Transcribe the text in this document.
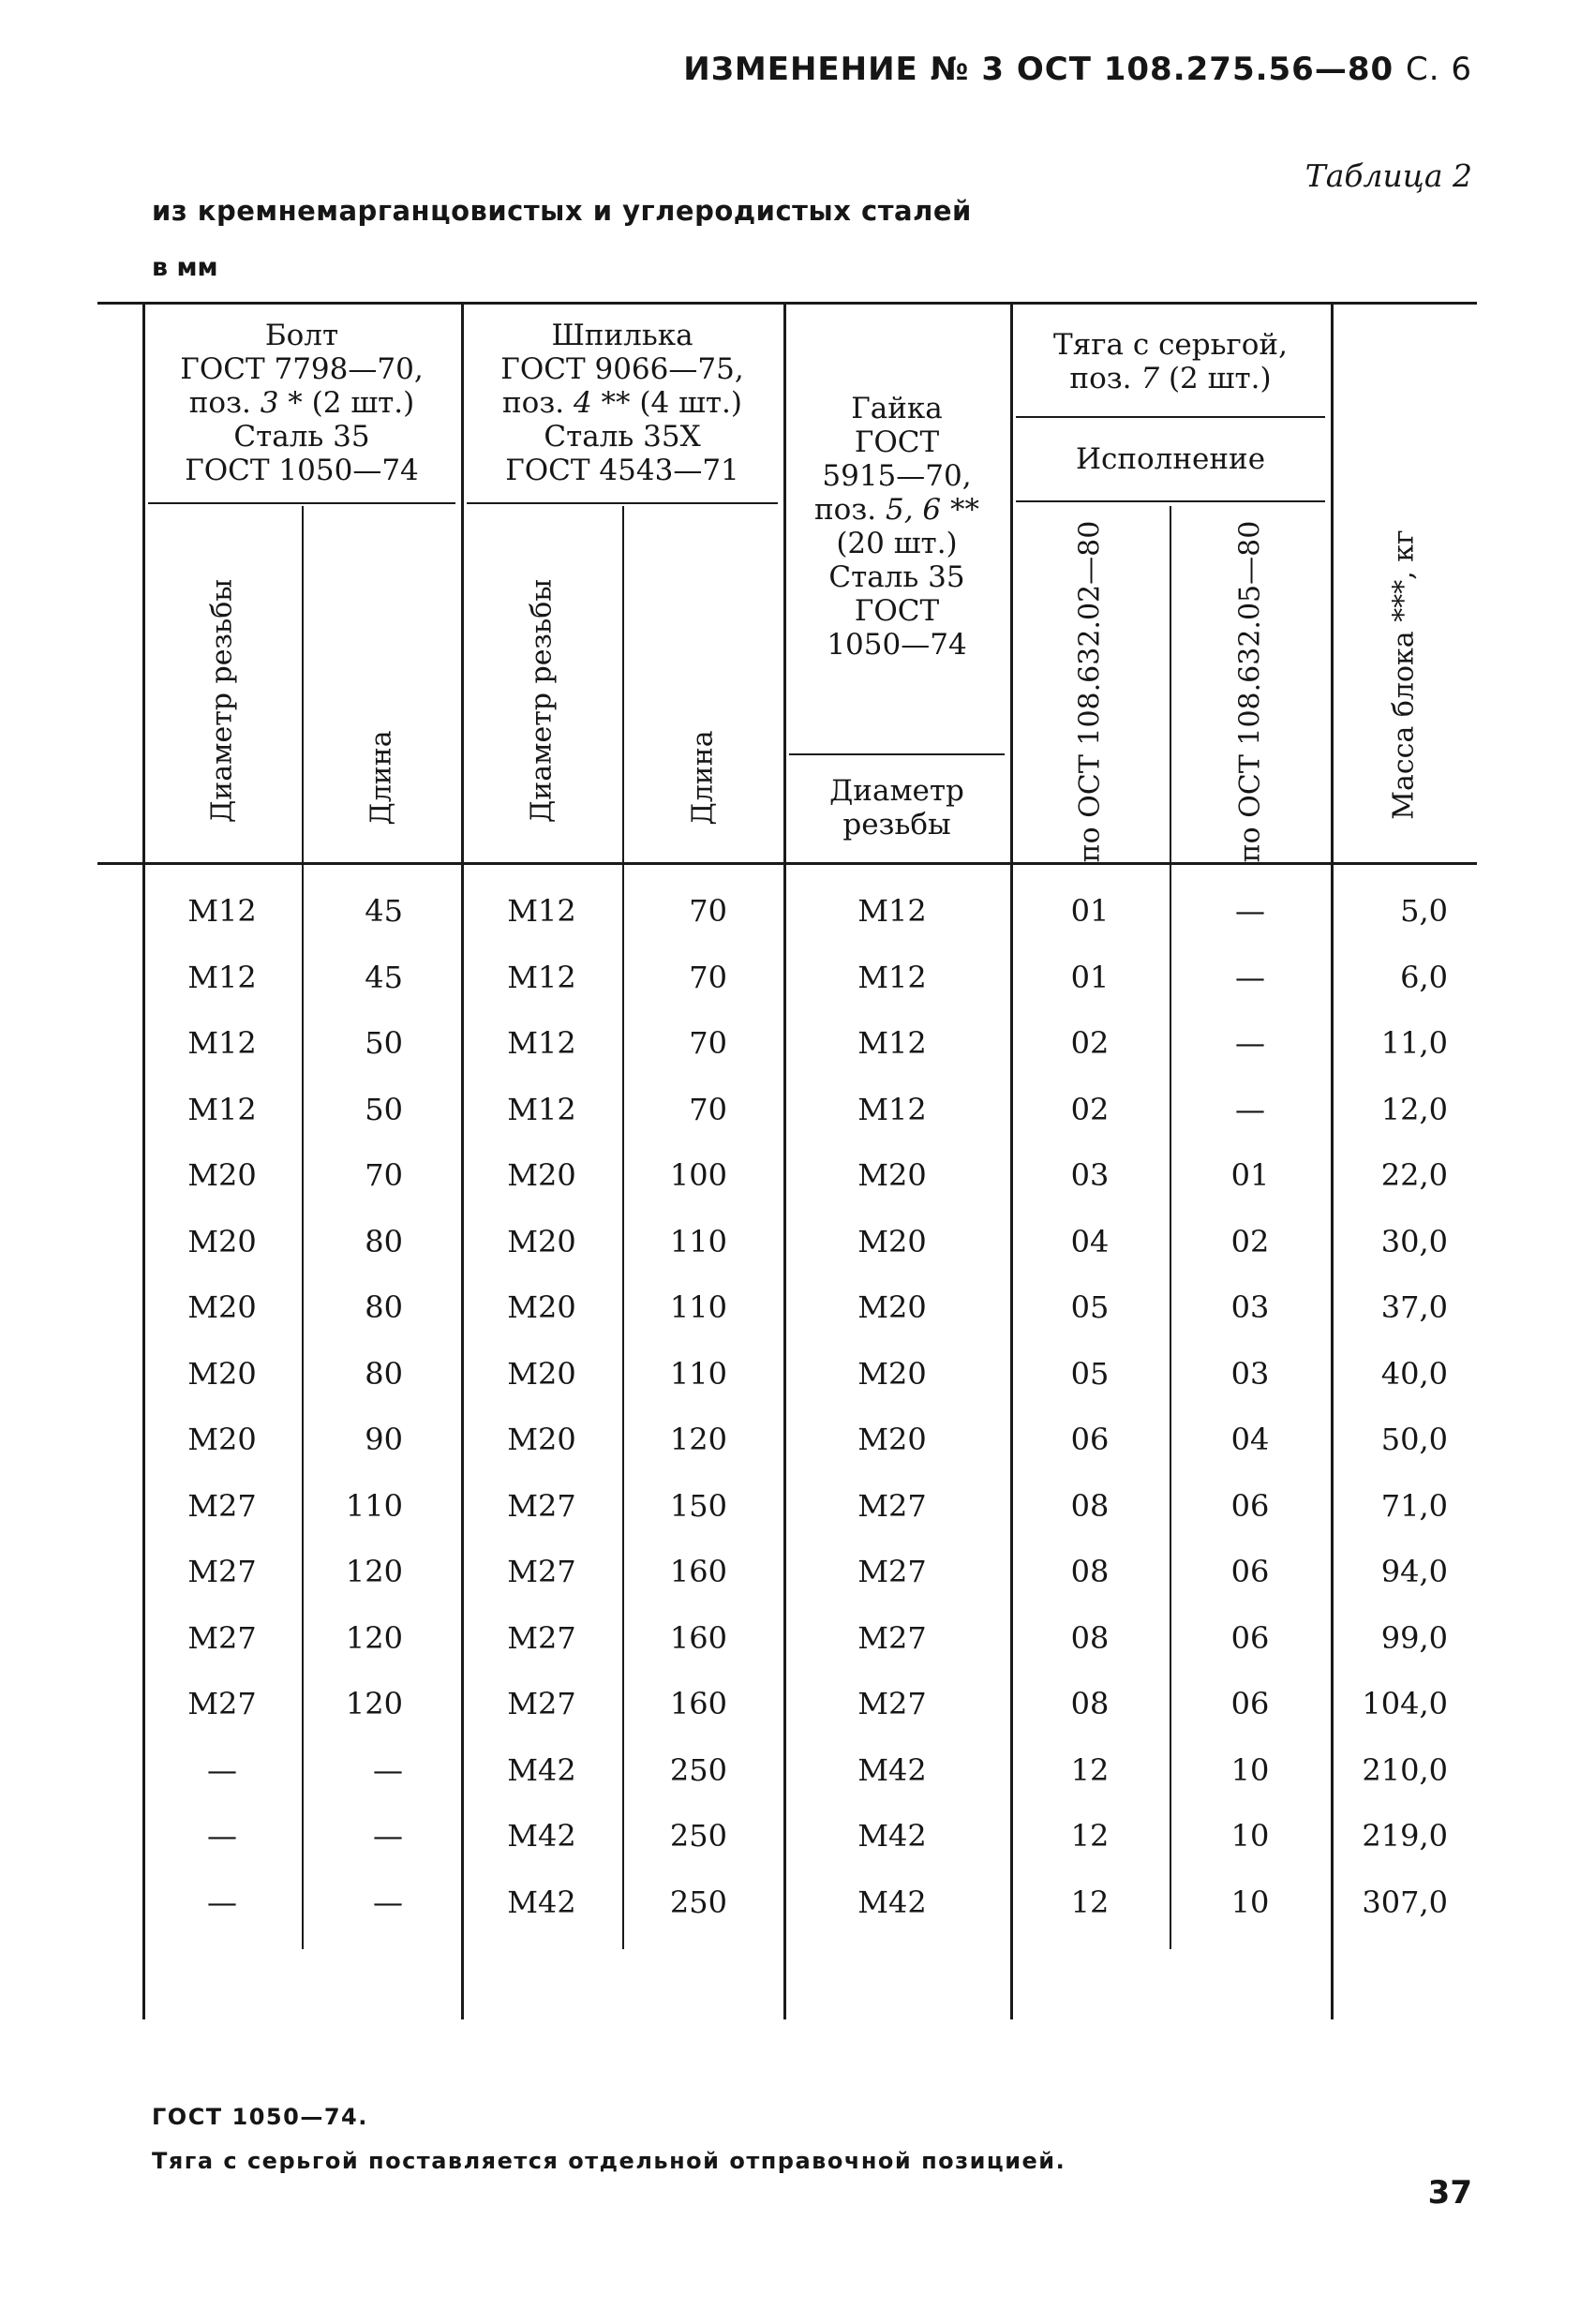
ИЗМЕНЕНИЕ № 3 ОСТ 108.275.56—80 С. 6
Таблица 2
из кремнемарганцовистых и углеродистых сталей
в мм
Болт
ГОСТ 7798—70,
поз. 3 * (2 шт.)
Сталь 35
ГОСТ 1050—74
Шпилька
ГОСТ 9066—75,
поз. 4 ** (4 шт.)
Сталь 35Х
ГОСТ 4543—71
Гайка
ГОСТ
5915—70,
поз. 5, 6 **
(20 шт.)
Сталь 35
ГОСТ
1050—74
Диаметр
резьбы
Тяга с серьгой,
поз. 7 (2 шт.)
Исполнение
Диаметр резьбы	Длина	Диаметр резьбы	Длина	по ОСТ 108.632.02—80	по ОСТ 108.632.05—80	Масса блока ***, кг
М12	45	М12	70	М12	01	—	5,0
М12	45	М12	70	М12	01	—	6,0
М12	50	М12	70	М12	02	—	11,0
М12	50	М12	70	М12	02	—	12,0
М20	70	М20	100	М20	03	01	22,0
М20	80	М20	110	М20	04	02	30,0
М20	80	М20	110	М20	05	03	37,0
М20	80	М20	110	М20	05	03	40,0
М20	90	М20	120	М20	06	04	50,0
М27	110	М27	150	М27	08	06	71,0
М27	120	М27	160	М27	08	06	94,0
М27	120	М27	160	М27	08	06	99,0
М27	120	М27	160	М27	08	06	104,0
—	—	М42	250	М42	12	10	210,0
—	—	М42	250	М42	12	10	219,0
—	—	М42	250	М42	12	10	307,0
ГОСТ 1050—74.
Тяга с серьгой поставляется отдельной отправочной позицией.
37
